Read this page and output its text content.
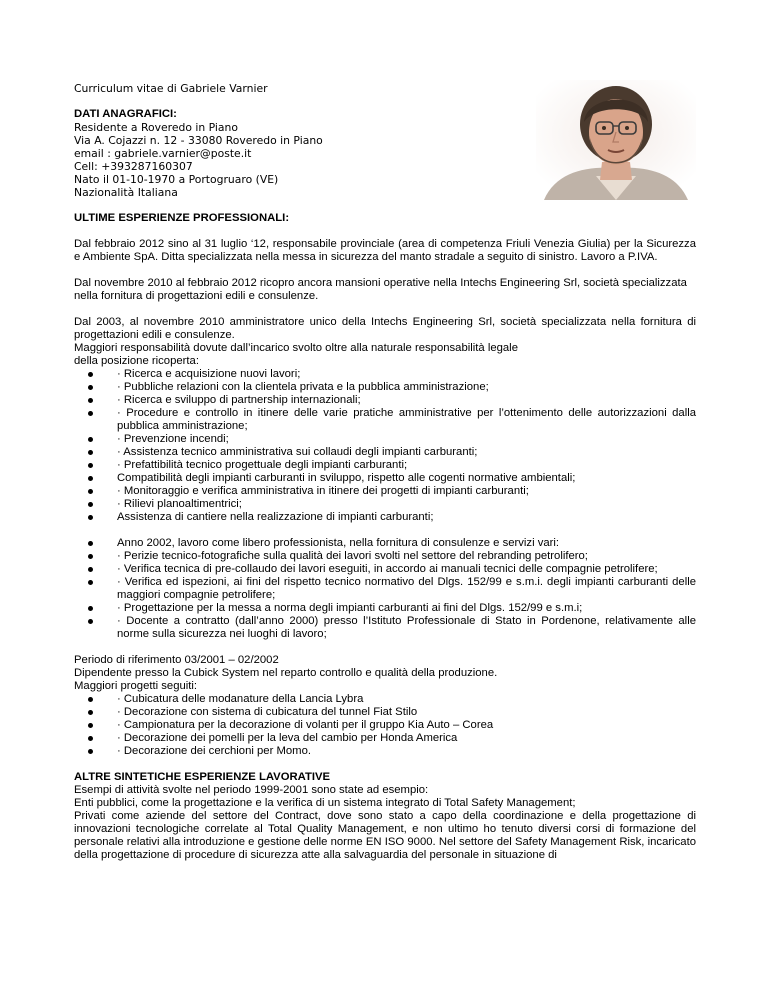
Curriculum vitae di Gabriele Varnier

DATI ANAGRAFICI:

Residente a Roveredo in Piano

Via A. Cojazzi n. 12 - 33080 Roveredo in Piano

email : gabriele.varnier@poste.it

Cell: +393287160307

Nato il 01-10-1970 a Portogruaro (VE)

Nazionalità Italiana

ULTIME ESPERIENZE PROFESSIONALI:

Dal febbraio 2012 sino al 31 luglio ‘12, responsabile provinciale (area di competenza Friuli Venezia Giulia) per la Sicurezza e Ambiente SpA. Ditta specializzata nella messa in sicurezza del manto stradale a seguito di sinistro. Lavoro a P.IVA.

Dal novembre 2010 al febbraio 2012 ricopro ancora mansioni operative nella Intechs Engineering Srl, società specializzata nella fornitura di progettazioni edili e consulenze.

Dal 2003, al novembre 2010 amministratore unico della Intechs Engineering Srl, società specializzata nella fornitura di progettazioni edili e consulenze.

Maggiori responsabilità dovute dall’incarico svolto oltre alla naturale responsabilità legale

della posizione ricoperta:

· Ricerca e acquisizione nuovi lavori;
· Pubbliche relazioni con la clientela privata e la pubblica amministrazione;
· Ricerca e sviluppo di partnership internazionali;
· Procedure e controllo in itinere delle varie pratiche amministrative per l’ottenimento delle autorizzazioni dalla pubblica amministrazione;
· Prevenzione incendi;
· Assistenza tecnico amministrativa sui collaudi degli impianti carburanti;
· Prefattibilità tecnico progettuale degli impianti carburanti;
Compatibilità degli impianti carburanti in sviluppo, rispetto alle cogenti normative ambientali;
· Monitoraggio e verifica amministrativa in itinere dei progetti di impianti carburanti;
· Rilievi planoaltimentrici;
Assistenza di cantiere nella realizzazione di impianti carburanti;
Anno 2002, lavoro come libero professionista, nella fornitura di consulenze e servizi vari:
· Perizie tecnico-fotografiche sulla qualità dei lavori svolti nel settore del rebranding petrolifero;
· Verifica tecnica di pre-collaudo dei lavori eseguiti, in accordo ai manuali tecnici delle compagnie petrolifere;
· Verifica ed ispezioni, ai fini del rispetto tecnico normativo del Dlgs. 152/99 e s.m.i. degli impianti carburanti delle maggiori compagnie petrolifere;
· Progettazione per la messa a norma degli impianti carburanti ai fini del Dlgs. 152/99 e s.m.i;
· Docente a contratto (dall’anno 2000) presso l’Istituto Professionale di Stato in Pordenone, relativamente alle norme sulla sicurezza nei luoghi di lavoro;

Periodo di riferimento 03/2001 – 02/2002

Dipendente presso la Cubick System nel reparto controllo e qualità della produzione.

Maggiori progetti seguiti:

· Cubicatura delle modanature della Lancia Lybra
· Decorazione con sistema di cubicatura del tunnel Fiat Stilo
· Campionatura per la decorazione di volanti per il gruppo Kia Auto – Corea
· Decorazione dei pomelli per la leva del cambio per Honda America
· Decorazione dei cerchioni per Momo.

ALTRE SINTETICHE ESPERIENZE LAVORATIVE

Esempi di attività svolte nel periodo 1999-2001 sono state ad esempio:

Enti pubblici, come la progettazione e la verifica di un sistema integrato di Total Safety Management;

Privati come aziende del settore del Contract, dove sono stato a capo della coordinazione e della progettazione di innovazioni tecnologiche correlate al Total Quality Management, e non ultimo ho tenuto diversi corsi di formazione del personale relativi alla introduzione e gestione delle norme EN ISO 9000. Nel settore del Safety Management Risk, incaricato della progettazione di procedure di sicurezza atte alla salvaguardia del personale in situazione di
